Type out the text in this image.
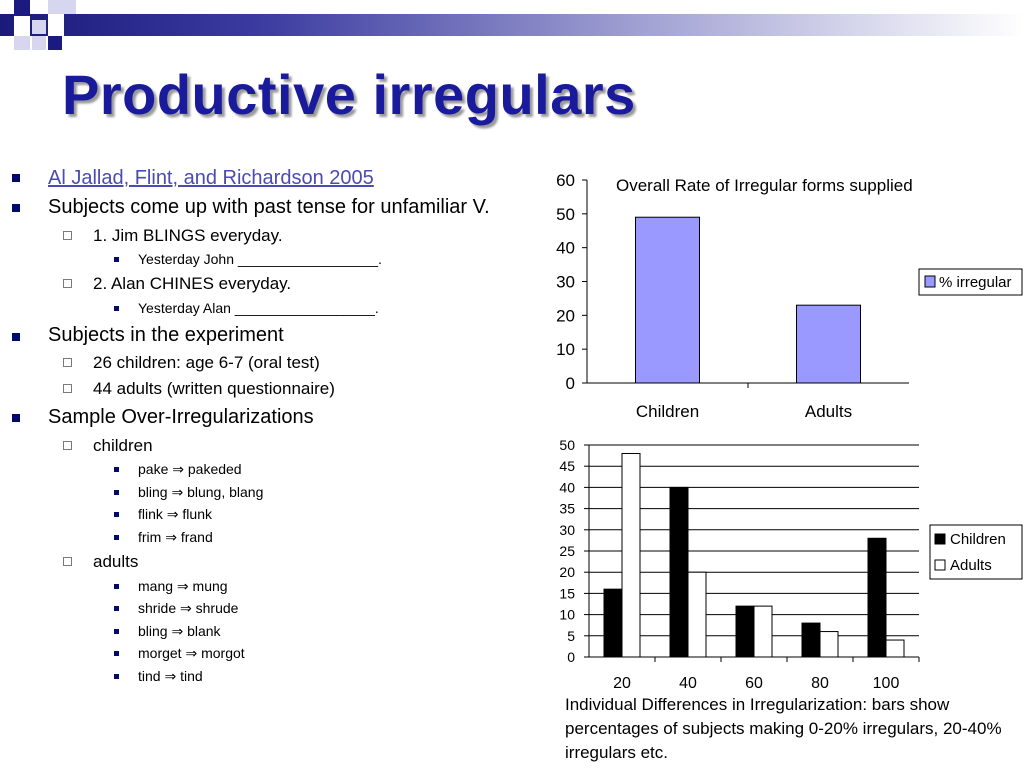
Productive irregulars
Al Jallad, Flint, and Richardson 2005
Subjects come up with past tense for unfamiliar V.
1. Jim BLINGS everyday.
Yesterday John __________________.
2. Alan CHINES everyday.
Yesterday Alan __________________.
Subjects in the experiment
26 children: age 6-7 (oral test)
44 adults (written questionnaire)
Sample Over-Irregularizations
children
pake ⇒ pakeded
bling ⇒ blung, blang
flink ⇒ flunk
frim ⇒ frand
adults
mang ⇒ mung
shride ⇒ shrude
bling ⇒ blank
morget ⇒ morgot
tind ⇒ tind
Overall Rate of Irregular forms supplied
0
10
20
30
40
50
60
Children	Adults
% irregular
0
5
10
15
20
25
30
35
40
45
50
20	40	60	80	100
Children
Adults
Individual Differences in Irregularization: bars show percentages of subjects making 0-20% irregulars, 20-40% irregulars etc.
